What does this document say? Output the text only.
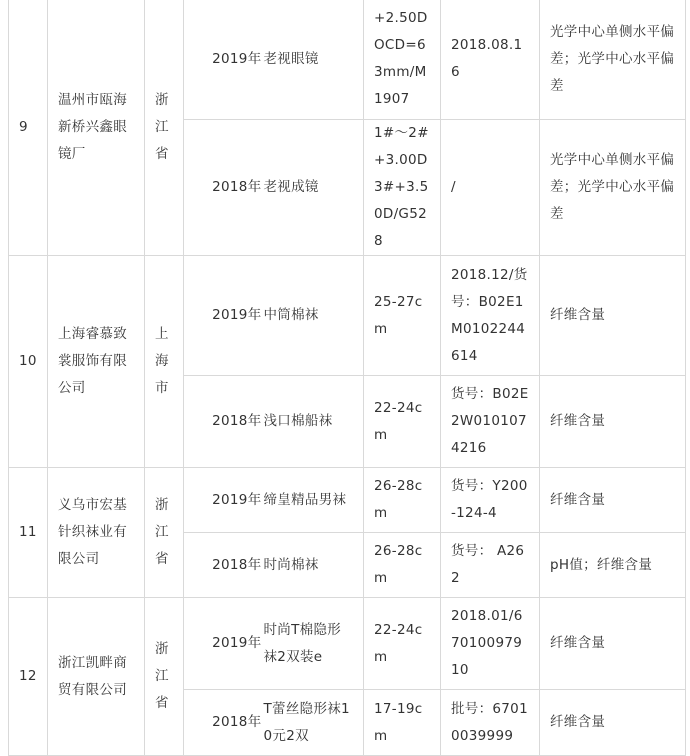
9	温州市瓯海新桥兴鑫眼镜厂	浙江省	2019年	老视眼镜	+2.50DOCD=63mm/M1907	2018.08.16	光学中心单侧水平偏差；光学中心水平偏差
			2018年	老视成镜	1#～2#+3.00D 3#+3.50D/G528	/	光学中心单侧水平偏差；光学中心水平偏差
10	上海睿慕致裳服饰有限公司	上海市	2019年	中筒棉袜	25-27cm	2018.12/货号：B02E1M0102244614	纤维含量
			2018年	浅口棉船袜	22-24cm	货号：B02E2W0101074216	纤维含量
11	义乌市宏基针织袜业有限公司	浙江省	2019年	缔皇精品男袜	26-28cm	货号：Y200-124-4	纤维含量
			2018年	时尚棉袜	26-28cm	货号： A262	pH值；纤维含量
12	浙江凯畔商贸有限公司	浙江省	2019年	时尚T棉隐形袜2双装e	22-24cm	2018.01/67010097910	纤维含量
			2018年	T蕾丝隐形袜10元2双	17-19cm	批号：67010039999	纤维含量
